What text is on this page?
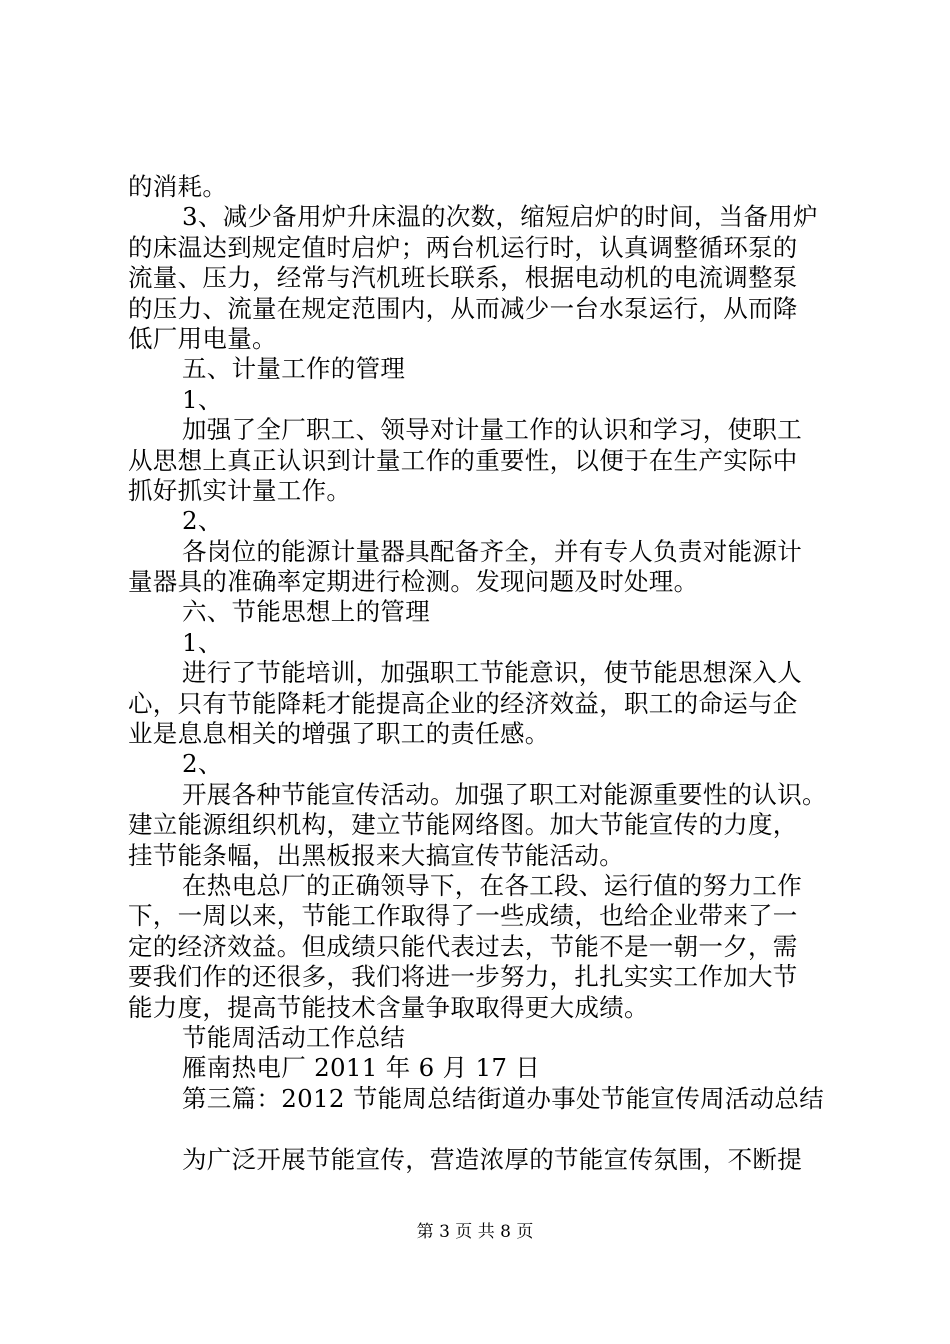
的消耗。
3、减少备用炉升床温的次数，缩短启炉的时间，当备用炉
的床温达到规定值时启炉；两台机运行时，认真调整循环泵的
流量、压力，经常与汽机班长联系，根据电动机的电流调整泵
的压力、流量在规定范围内，从而减少一台水泵运行，从而降
低厂用电量。
五、计量工作的管理
1、
加强了全厂职工、领导对计量工作的认识和学习，使职工
从思想上真正认识到计量工作的重要性，以便于在生产实际中
抓好抓实计量工作。
2、
各岗位的能源计量器具配备齐全，并有专人负责对能源计
量器具的准确率定期进行检测。发现问题及时处理。
六、节能思想上的管理
1、
进行了节能培训，加强职工节能意识，使节能思想深入人
心，只有节能降耗才能提高企业的经济效益，职工的命运与企
业是息息相关的增强了职工的责任感。
2、
开展各种节能宣传活动。加强了职工对能源重要性的认识。
建立能源组织机构，建立节能网络图。加大节能宣传的力度，
挂节能条幅，出黑板报来大搞宣传节能活动。
在热电总厂的正确领导下，在各工段、运行值的努力工作
下，一周以来，节能工作取得了一些成绩，也给企业带来了一
定的经济效益。但成绩只能代表过去，节能不是一朝一夕，需
要我们作的还很多，我们将进一步努力，扎扎实实工作加大节
能力度，提高节能技术含量争取取得更大成绩。
节能周活动工作总结
雁南热电厂 2011 年 6 月 17 日
第三篇：2012 节能周总结街道办事处节能宣传周活动总结
为广泛开展节能宣传，营造浓厚的节能宣传氛围，不断提
第 3 页 共 8 页
